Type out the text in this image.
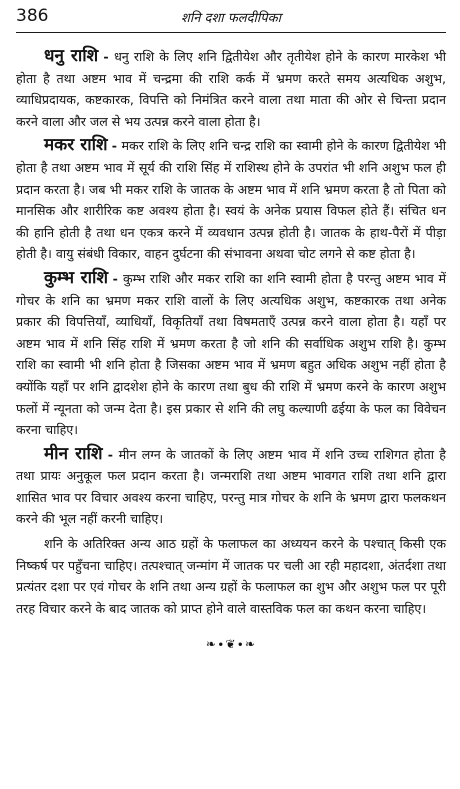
386	शनि दशा फलदीपिका

धनु राशि - धनु राशि के लिए शनि द्वितीयेश और तृतीयेश होने के कारण मारकेश भी होता है तथा अष्टम भाव में चन्द्रमा की राशि कर्क में भ्रमण करते समय अत्यधिक अशुभ, व्याधिप्रदायक, कष्टकारक, विपत्ति को निमंत्रित करने वाला तथा माता की ओर से चिन्ता प्रदान करने वाला और जल से भय उत्पन्न करने वाला होता है।

मकर राशि - मकर राशि के लिए शनि चन्द्र राशि का स्वामी होने के कारण द्वितीयेश भी होता है तथा अष्टम भाव में सूर्य की राशि सिंह में राशिस्थ होने के उपरांत भी शनि अशुभ फल ही प्रदान करता है। जब भी मकर राशि के जातक के अष्टम भाव में शनि भ्रमण करता है तो पिता को मानसिक और शारीरिक कष्ट अवश्य होता है। स्वयं के अनेक प्रयास विफल होते हैं। संचित धन की हानि होती है तथा धन एकत्र करने में व्यवधान उत्पन्न होती है। जातक के हाथ-पैरों में पीड़ा होती है। वायु संबंधी विकार, वाहन दुर्घटना की संभावना अथवा चोट लगने से कष्ट होता है।

कुम्भ राशि - कुम्भ राशि और मकर राशि का शनि स्वामी होता है परन्तु अष्टम भाव में गोचर के शनि का भ्रमण मकर राशि वालों के लिए अत्यधिक अशुभ, कष्टकारक तथा अनेक प्रकार की विपत्तियाँ, व्याधियाँ, विकृतियाँ तथा विषमताएँ उत्पन्न करने वाला होता है। यहाँ पर अष्टम भाव में शनि सिंह राशि में भ्रमण करता है जो शनि की सर्वाधिक अशुभ राशि है। कुम्भ राशि का स्वामी भी शनि होता है जिसका अष्टम भाव में भ्रमण बहुत अधिक अशुभ नहीं होता है क्योंकि यहाँ पर शनि द्वादशेश होने के कारण तथा बुध की राशि में भ्रमण करने के कारण अशुभ फलों में न्यूनता को जन्म देता है। इस प्रकार से शनि की लघु कल्याणी ढईया के फल का विवेचन करना चाहिए।

मीन राशि - मीन लग्न के जातकों के लिए अष्टम भाव में शनि उच्च राशिगत होता है तथा प्रायः अनुकूल फल प्रदान करता है। जन्मराशि तथा अष्टम भावगत राशि तथा शनि द्वारा शासित भाव पर विचार अवश्य करना चाहिए, परन्तु मात्र गोचर के शनि के भ्रमण द्वारा फलकथन करने की भूल नहीं करनी चाहिए।

शनि के अतिरिक्त अन्य आठ ग्रहों के फलाफल का अध्ययन करने के पश्चात् किसी एक निष्कर्ष पर पहुँचना चाहिए। तत्पश्चात् जन्मांग में जातक पर चली आ रही महादशा, अंतर्दशा तथा प्रत्यंतर दशा पर एवं गोचर के शनि तथा अन्य ग्रहों के फलाफल का शुभ और अशुभ फल पर पूरी तरह विचार करने के बाद जातक को प्राप्त होने वाले वास्तविक फल का कथन करना चाहिए।

❧∙❦∙❧
